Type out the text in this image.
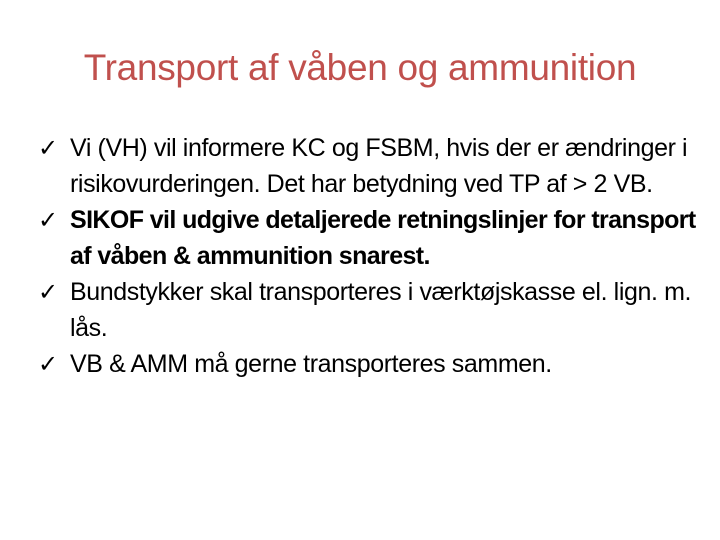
Transport af våben og ammunition
✓ Vi (VH) vil informere KC og FSBM, hvis der er ændringer i risikovurderingen. Det har betydning ved TP af > 2 VB.
✓ SIKOF vil udgive detaljerede retningslinjer for transport af våben & ammunition snarest.
✓ Bundstykker skal transporteres i værktøjskasse el. lign. m. lås.
✓ VB & AMM må gerne transporteres sammen.
